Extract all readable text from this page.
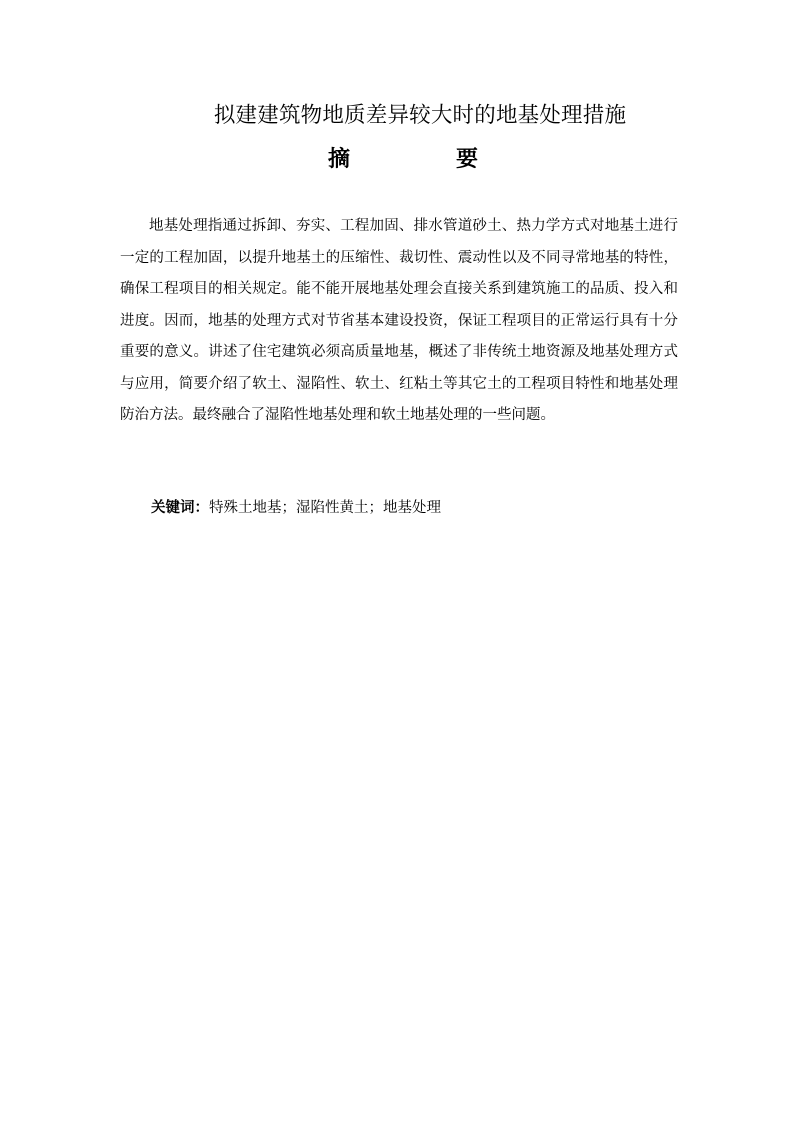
拟建建筑物地质差异较大时的地基处理措施
摘	要

地基处理指通过拆卸、夯实、工程加固、排水管道砂土、热力学方式对地基土进行一定的工程加固，以提升地基土的压缩性、裁切性、震动性以及不同寻常地基的特性，确保工程项目的相关规定。能不能开展地基处理会直接关系到建筑施工的品质、投入和进度。因而，地基的处理方式对节省基本建设投资，保证工程项目的正常运行具有十分重要的意义。讲述了住宅建筑必须高质量地基，概述了非传统土地资源及地基处理方式与应用，简要介绍了软土、湿陷性、软土、红粘土等其它土的工程项目特性和地基处理防治方法。最终融合了湿陷性地基处理和软土地基处理的一些问题。

关键词：特殊土地基；湿陷性黄土；地基处理
